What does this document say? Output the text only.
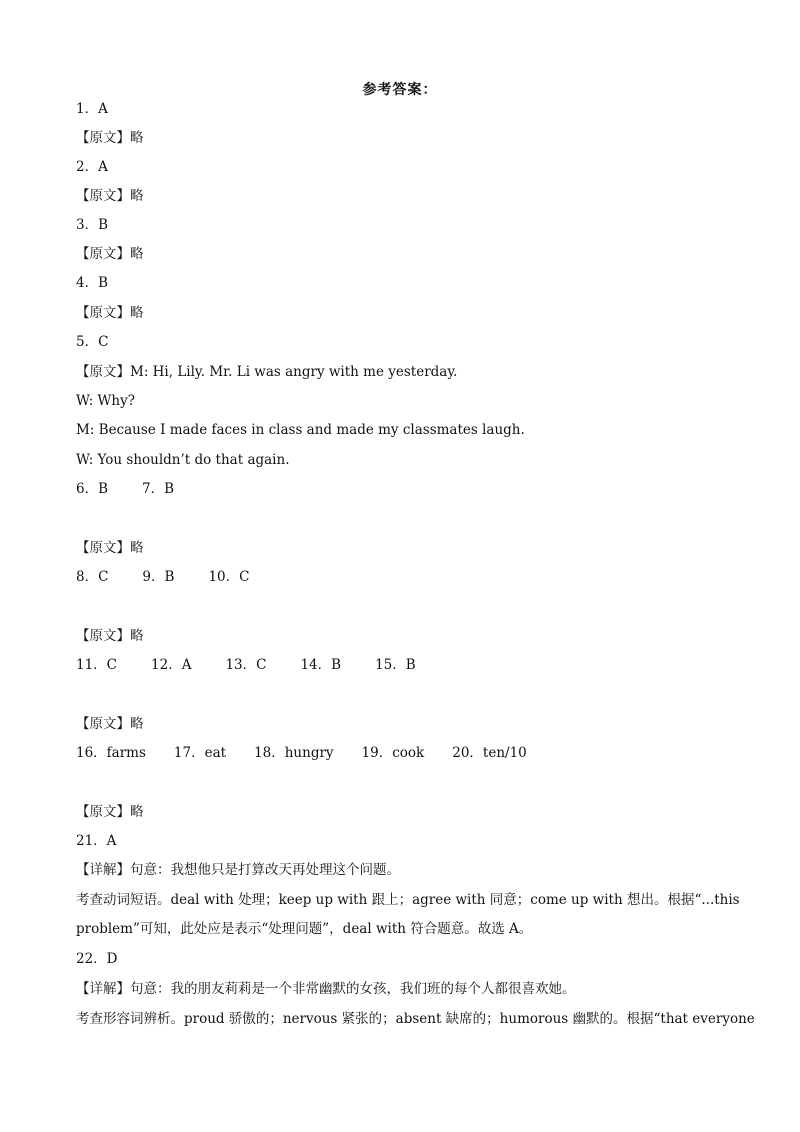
参考答案：
1．A
【原文】略
2．A
【原文】略
3．B
【原文】略
4．B
【原文】略
5．C
【原文】M: Hi, Lily. Mr. Li was angry with me yesterday.
W: Why?
M: Because I made faces in class and made my classmates laugh.
W: You shouldn’t do that again.
6．B	7．B
【原文】略
8．C	9．B	10．C
【原文】略
11．C	12．A	13．C	14．B	15．B
【原文】略
16．farms 17．eat 18．hungry 19．cook 20．ten/10
【原文】略
21．A
【详解】句意：我想他只是打算改天再处理这个问题。
考查动词短语。deal with 处理；keep up with 跟上；agree with 同意；come up with 想出。根据“...this
problem”可知，此处应是表示“处理问题”，deal with 符合题意。故选 A。
22．D
【详解】句意：我的朋友莉莉是一个非常幽默的女孩，我们班的每个人都很喜欢她。
考查形容词辨析。proud 骄傲的；nervous 紧张的；absent 缺席的；humorous 幽默的。根据“that everyone
